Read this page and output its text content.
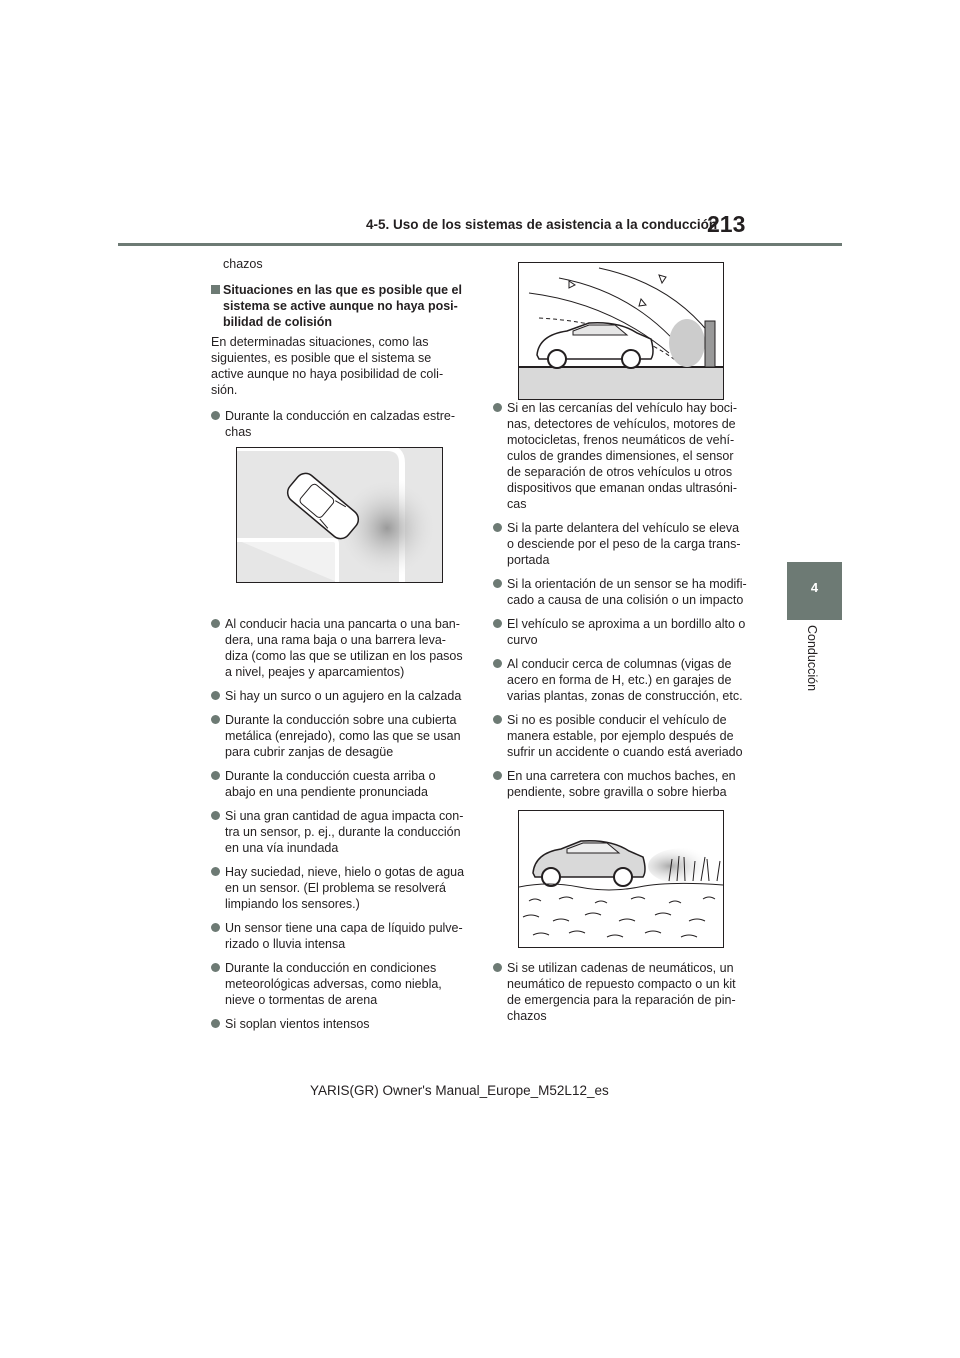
4-5. Uso de los sistemas de asistencia a la conducción
213
4
Conducción

chazos

Situaciones en las que es posible que el sistema se active aunque no haya posi-bilidad de colisión

En determinadas situaciones, como las siguientes, es posible que el sistema se active aunque no haya posibilidad de coli-sión.

Durante la conducción en calzadas estre-chas
Al conducir hacia una pancarta o una ban-dera, una rama baja o una barrera leva-diza (como las que se utilizan en los pasos a nivel, peajes y aparcamientos)
Si hay un surco o un agujero en la calzada
Durante la conducción sobre una cubierta metálica (enrejado), como las que se usan para cubrir zanjas de desagüe
Durante la conducción cuesta arriba o abajo en una pendiente pronunciada
Si una gran cantidad de agua impacta con-tra un sensor, p. ej., durante la conducción en una vía inundada
Hay suciedad, nieve, hielo o gotas de agua en un sensor. (El problema se resolverá limpiando los sensores.)
Un sensor tiene una capa de líquido pulve-rizado o lluvia intensa
Durante la conducción en condiciones meteorológicas adversas, como niebla, nieve o tormentas de arena
Si soplan vientos intensos
Si en las cercanías del vehículo hay boci-nas, detectores de vehículos, motores de motocicletas, frenos neumáticos de vehí-culos de grandes dimensiones, el sensor de separación de otros vehículos u otros dispositivos que emanan ondas ultrasóni-cas
Si la parte delantera del vehículo se eleva o desciende por el peso de la carga trans-portada
Si la orientación de un sensor se ha modifi-cado a causa de una colisión o un impacto
El vehículo se aproxima a un bordillo alto o curvo
Al conducir cerca de columnas (vigas de acero en forma de H, etc.) en garajes de varias plantas, zonas de construcción, etc.
Si no es posible conducir el vehículo de manera estable, por ejemplo después de sufrir un accidente o cuando está averiado
En una carretera con muchos baches, en pendiente, sobre gravilla o sobre hierba
Si se utilizan cadenas de neumáticos, un neumático de repuesto compacto o un kit de emergencia para la reparación de pin-chazos
YARIS(GR) Owner's Manual_Europe_M52L12_es
